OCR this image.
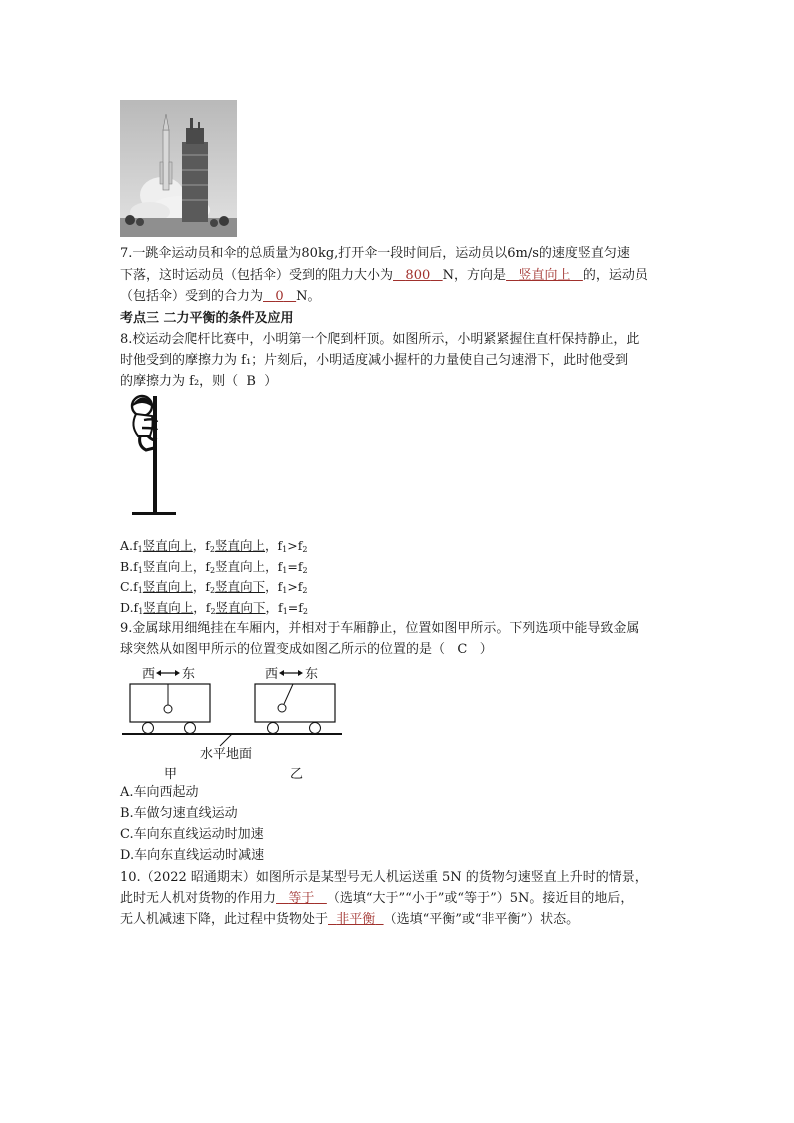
7.一跳伞运动员和伞的总质量为80kg,打开伞一段时间后，运动员以6m/s的速度竖直匀速
下落，这时运动员（包括伞）受到的阻力大小为 800 N，方向是 竖直向上 的，运动员
（包括伞）受到的合力为 0 N。
考点三 二力平衡的条件及应用
8.校运动会爬杆比赛中，小明第一个爬到杆顶。如图所示，小明紧紧握住直杆保持静止，此
时他受到的摩擦力为 f₁；片刻后，小明适度减小握杆的力量使自己匀速滑下，此时他受到
的摩擦力为 f₂，则（ B ）
$A.f_1$竖直向上，$f_2$竖直向上，$f_1>f_2$
$B.f_1$竖直向上，$f_2$竖直向上，$f_1=f_2$
$C.f_1$竖直向上，$f_2$竖直向下，$f_1>f_2$
$D.f_1$竖直向上，$f_2$竖直向下，$f_1=f_2$
9.金属球用细绳挂在车厢内，并相对于车厢静止，位置如图甲所示。下列选项中能导致金属
球突然从如图甲所示的位置变成如图乙所示的位置的是（ C ）
西 东	西 东
水平地面
甲	乙
A.车向西起动
B.车做匀速直线运动
C.车向东直线运动时加速
D.车向东直线运动时减速
10.（2022 昭通期末）如图所示是某型号无人机运送重 5N 的货物匀速竖直上升时的情景，
此时无人机对货物的作用力 等于 （选填“大于”“小于”或“等于”）5N。接近目的地后，
无人机减速下降，此过程中货物处于 非平衡 （选填“平衡”或“非平衡”）状态。
